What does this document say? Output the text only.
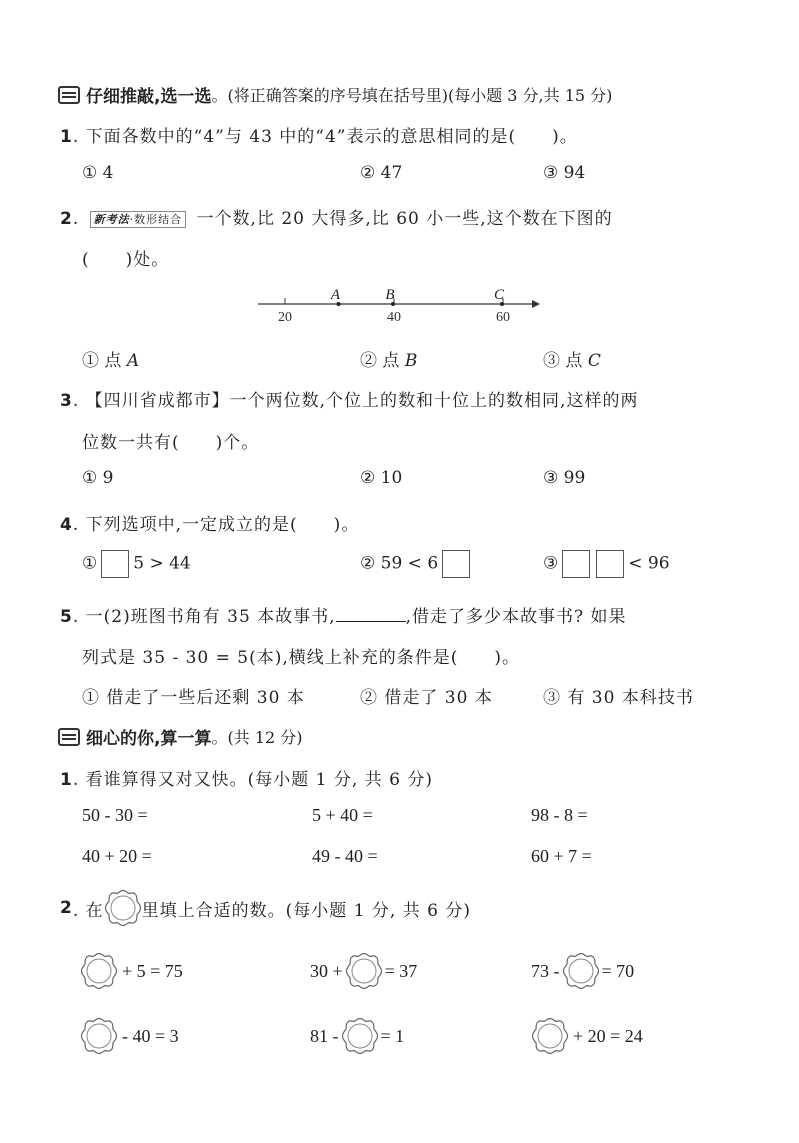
仔细推敲,选一选 。(将正确答案的序号填在括号里)(每小题 3 分,共 15 分)
1. 下面各数中的“4”与 43 中的“4”表示的意思相同的是(　　)。
① 4	② 47	③ 94
2. 新考法·数形结合 一个数,比 20 大得多,比 60 小一些,这个数在下图的
(　　)处。
20	40	60
A	B	C
① 点 A	② 点 B	③ 点 C
3. 【四川省成都市】一个两位数,个位上的数和十位上的数相同,这样的两
位数一共有(　　)个。
① 9	② 10	③ 99
4. 下列选项中,一定成立的是(　　)。
① 5 > 44	② 59 < 6	③	< 96
5. 一(2)班图书角有 35 本故事书,	,借走了多少本故事书? 如果
列式是 35 - 30 = 5(本),横线上补充的条件是(　　)。
① 借走了一些后还剩 30 本	② 借走了 30 本	③ 有 30 本科技书
细心的你,算一算 。(共 12 分)
1. 看谁算得又对又快。(每小题 1 分, 共 6 分)
50 - 30 =	5 + 40 =	98 - 8 =
40 + 20 =	49 - 40 =	60 + 7 =
2 . 在 里填上合适的数。(每小题 1 分, 共 6 分)
+ 5 = 75	30 + = 37	73 - = 70
- 40 = 3	81 - = 1	+ 20 = 24
